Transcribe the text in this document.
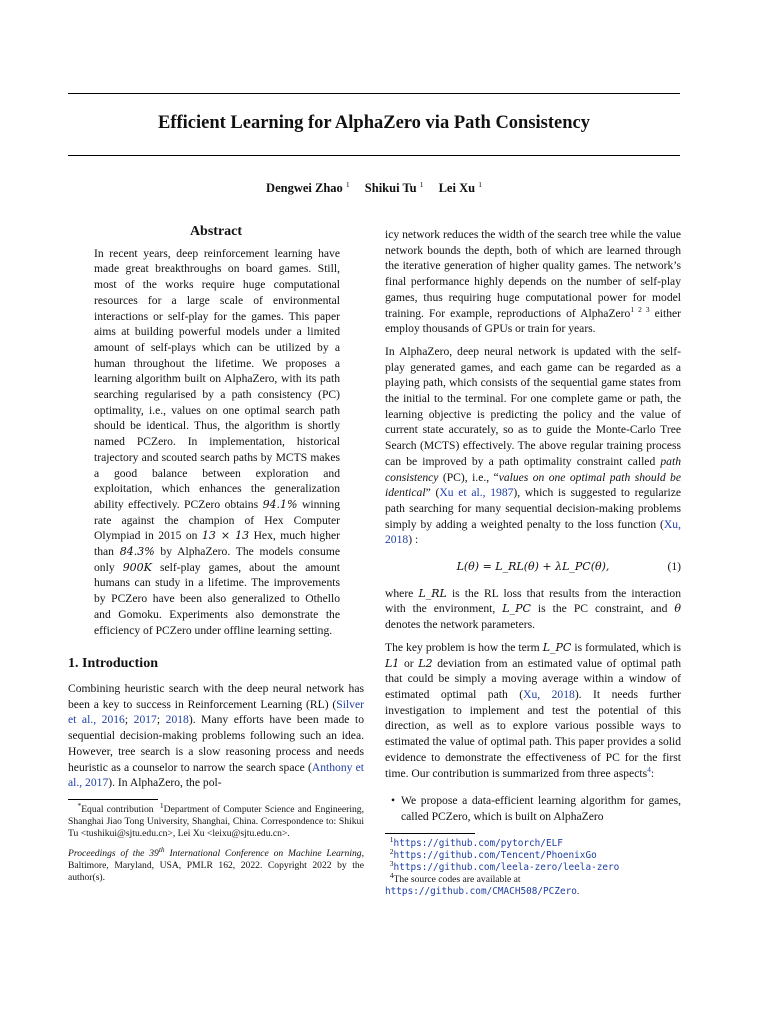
Efficient Learning for AlphaZero via Path Consistency
Dengwei Zhao $^1$ Shikui Tu $^1$ Lei Xu $^1$
Abstract

In recent years, deep reinforcement learning have made great breakthroughs on board games. Still, most of the works require huge computational resources for a large scale of environmental interactions or self-play for the games. This paper aims at building powerful models under a limited amount of self-plays which can be utilized by a human throughout the lifetime. We proposes a learning algorithm built on AlphaZero, with its path searching regularised by a path consistency (PC) optimality, i.e., values on one optimal search path should be identical. Thus, the algorithm is shortly named PCZero. In implementation, historical trajectory and scouted search paths by MCTS makes a good balance between exploration and exploitation, which enhances the generalization ability effectively. PCZero obtains 94.1% winning rate against the champion of Hex Computer Olympiad in 2015 on 13 × 13 Hex, much higher than 84.3% by AlphaZero. The models consume only 900K self-play games, about the amount humans can study in a lifetime. The improvements by PCZero have been also generalized to Othello and Gomoku. Experiments also demonstrate the efficiency of PCZero under offline learning setting.

1. Introduction

Combining heuristic search with the deep neural network has been a key to success in Reinforcement Learning (RL) (Silver et al., 2016; 2017; 2018). Many efforts have been made to sequential decision-making problems following such an idea. However, tree search is a slow reasoning process and needs heuristic as a counselor to narrow the search space (Anthony et al., 2017). In AlphaZero, the pol-

*Equal contribution $^1$Department of Computer Science and Engineering, Shanghai Jiao Tong University, Shanghai, China. Correspondence to: Shikui Tu <tushikui@sjtu.edu.cn>, Lei Xu <leixu@sjtu.edu.cn>.

Proceedings of the 39th International Conference on Machine Learning, Baltimore, Maryland, USA, PMLR 162, 2022. Copyright 2022 by the author(s).

icy network reduces the width of the search tree while the value network bounds the depth, both of which are learned through the iterative generation of higher quality games. The network’s final performance highly depends on the number of self-play games, thus requiring huge computational power for model training. For example, reproductions of AlphaZero$^{1 2 3}$ either employ thousands of GPUs or train for years.

In AlphaZero, deep neural network is updated with the self-play generated games, and each game can be regarded as a playing path, which consists of the sequential game states from the initial to the terminal. For one complete game or path, the learning objective is predicting the policy and the value of current state accurately, so as to guide the Monte-Carlo Tree Search (MCTS) effectively. The above regular training process can be improved by a path optimality constraint called path consistency (PC), i.e., “values on one optimal path should be identical” (Xu et al., 1987), which is suggested to regularize path searching for many sequential decision-making problems simply by adding a weighted penalty to the loss function (Xu, 2018) :

L(θ) = L_RL(θ) + λL_PC(θ),	(1)

where L_RL is the RL loss that results from the interaction with the environment, L_PC is the PC constraint, and θ denotes the network parameters.

The key problem is how the term L_PC is formulated, which is L1 or L2 deviation from an estimated value of optimal path that could be simply a moving average within a window of estimated optimal path (Xu, 2018). It needs further investigation to implement and test the potential of this direction, as well as to explore various possible ways to estimated the value of optimal path. This paper provides a solid evidence to demonstrate the effectiveness of PC for the first time. Our contribution is summarized from three aspects$^4$:

• We propose a data-efficient learning algorithm for games, called PCZero, which is built on AlphaZero

$^1$https://github.com/pytorch/ELF
$^2$https://github.com/Tencent/PhoenixGo
$^3$https://github.com/leela-zero/leela-zero
$^4$The source codes are available at https://github.com/CMACH508/PCZero.
